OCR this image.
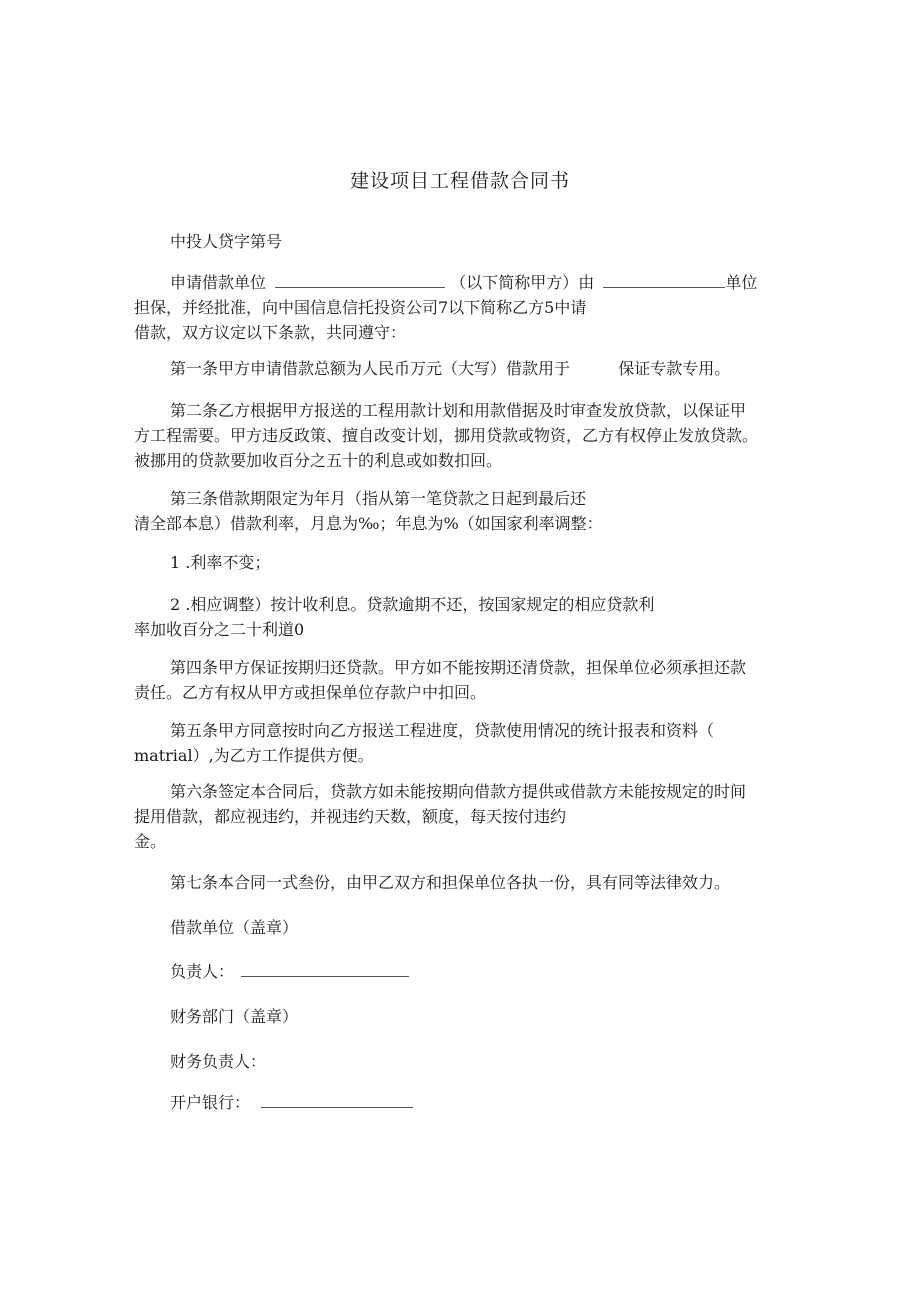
建设项目工程借款合同书
中投人贷字第号
申请借款单位	（以下简称甲方）由	单位
担保，并经批准，向中国信息信托投资公司7以下简称乙方5中请
借款，双方议定以下条款，共同遵守：
第一条甲方申请借款总额为人民币万元（大写）借款用于	保证专款专用。
第二条乙方根据甲方报送的工程用款计划和用款借据及时审查发放贷款，以保证甲
方工程需要。甲方违反政策、擅自改变计划，挪用贷款或物资，乙方有权停止发放贷款。
被挪用的贷款要加收百分之五十的利息或如数扣回。
第三条借款期限定为年月（指从第一笔贷款之日起到最后还
清全部本息）借款利率，月息为‰；年息为%（如国家利率调整：
1 .利率不变；
2 .相应调整）按计收利息。贷款逾期不还，按国家规定的相应贷款利
率加收百分之二十利道0
第四条甲方保证按期归还贷款。甲方如不能按期还清贷款，担保单位必须承担还款
责任。乙方有权从甲方或担保单位存款户中扣回。
第五条甲方同意按时向乙方报送工程进度，贷款使用情况的统计报表和资料（
matrial）,为乙方工作提供方便。
第六条签定本合同后，贷款方如未能按期向借款方提供或借款方未能按规定的时间
提用借款，都应视违约，并视违约天数，额度，每天按付违约
金。
第七条本合同一式叁份，由甲乙双方和担保单位各执一份，具有同等法律效力。
借款单位（盖章）
负责人：
财务部门（盖章）
财务负责人：
开户银行：
